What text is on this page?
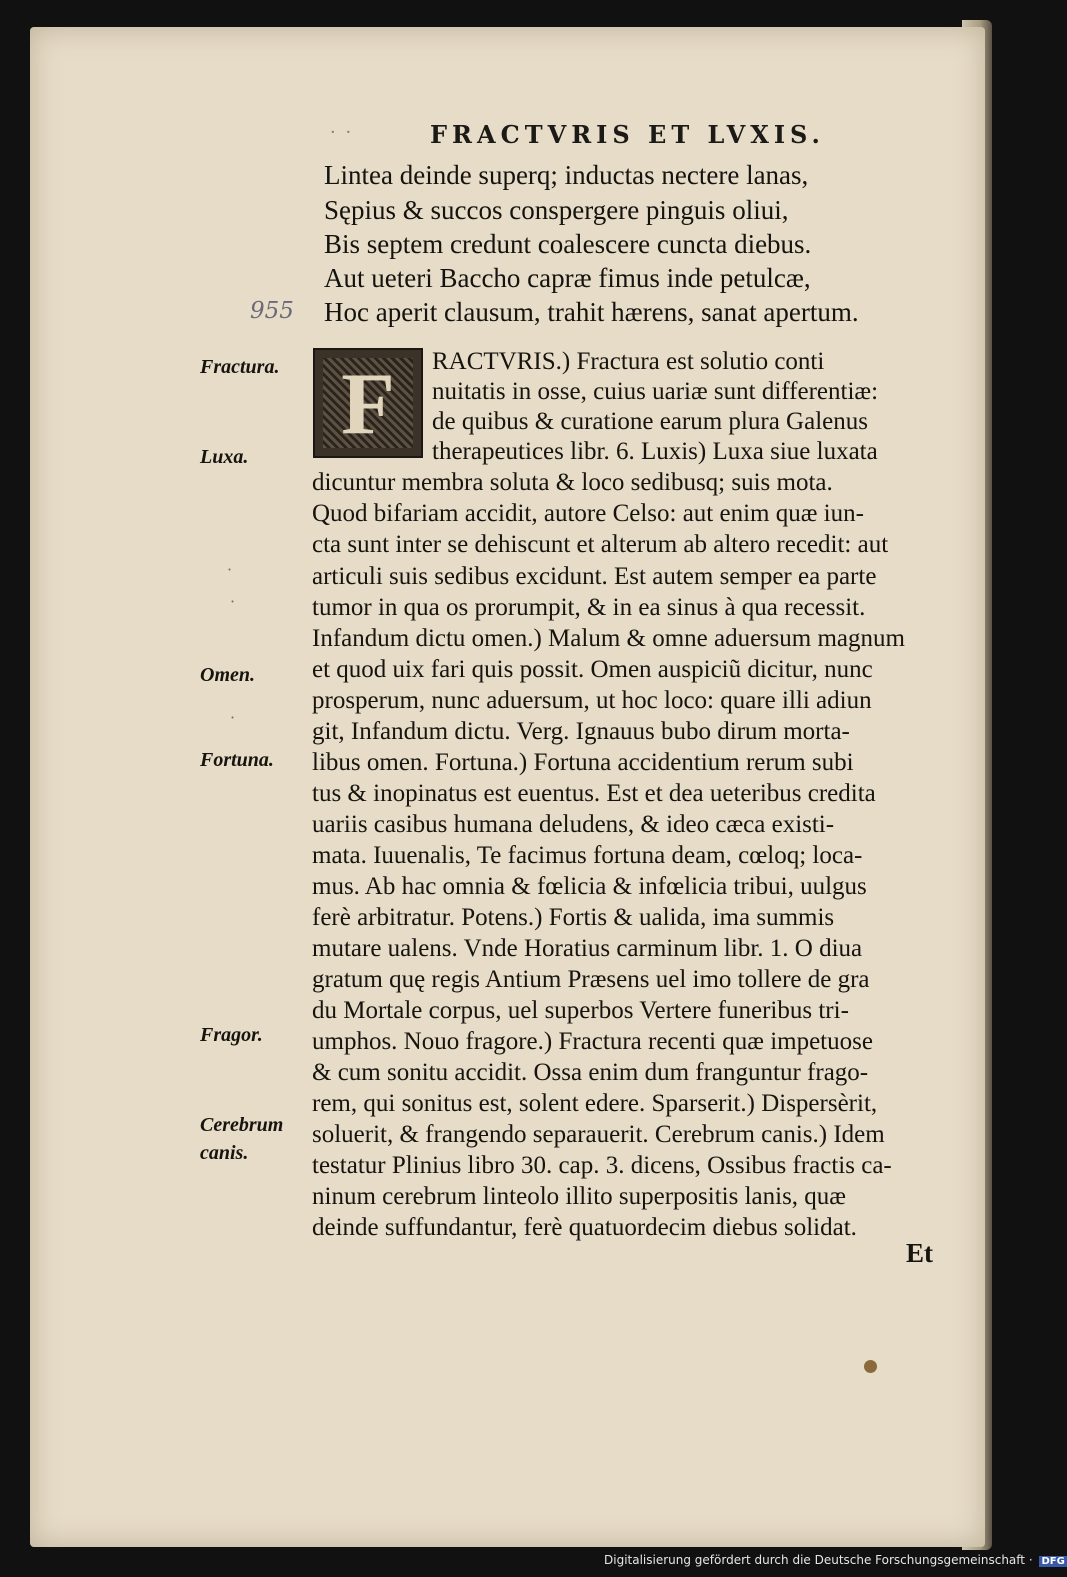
· ·	FRACTVRIS ET LVXIS.
955
Lintea deinde superq; inductas nectere lanas,
Sępius & succos conspergere pinguis oliui,
Bis septem credunt coalescere cuncta diebus.
Aut ueteri Baccho capræ fimus inde petulcæ,
Hoc aperit clausum, trahit hærens, sanat apertum.
F	RACTVRIS.) Fractura est solutio conti
nuitatis in osse, cuius uariæ sunt differentiæ:
de quibus & curatione earum plura Galenus
therapeutices libr. 6. Luxis) Luxa siue luxata
dicuntur membra soluta & loco sedibusq; suis mota.
Quod bifariam accidit, autore Celso: aut enim quæ iun-
cta sunt inter se dehiscunt et alterum ab altero recedit: aut
articuli suis sedibus excidunt. Est autem semper ea parte
tumor in qua os prorumpit, & in ea sinus à qua recessit.
Infandum dictu omen.) Malum & omne aduersum magnum
et quod uix fari quis possit. Omen auspiciũ dicitur, nunc
prosperum, nunc aduersum, ut hoc loco: quare illi adiun
git, Infandum dictu. Verg. Ignauus bubo dirum morta-
libus omen. Fortuna.) Fortuna accidentium rerum subi
tus & inopinatus est euentus. Est et dea ueteribus credita
uariis casibus humana deludens, & ideo cæca existi-
mata. Iuuenalis, Te facimus fortuna deam, cœloq; loca-
mus. Ab hac omnia & fœlicia & infœlicia tribui, uulgus
ferè arbitratur. Potens.) Fortis & ualida, ima summis
mutare ualens. Vnde Horatius carminum libr. 1. O diua
gratum quę regis Antium Præsens uel imo tollere de gra
du Mortale corpus, uel superbos Vertere funeribus tri-
umphos. Nouo fragore.) Fractura recenti quæ impetuose
& cum sonitu accidit. Ossa enim dum franguntur frago-
rem, qui sonitus est, solent edere. Sparserit.) Dispersèrit,
soluerit, & frangendo separauerit. Cerebrum canis.) Idem
testatur Plinius libro 30. cap. 3. dicens, Ossibus fractis ca-
ninum cerebrum linteolo illito superpositis lanis, quæ
deinde suffundantur, ferè quatuordecim diebus solidat.
Et
Fractura.
Luxa.
Omen.
Fortuna.
Fragor.
Cerebrum
canis.
·
·
·
Digitalisierung gefördert durch die Deutsche Forschungsgemeinschaft · DFG
